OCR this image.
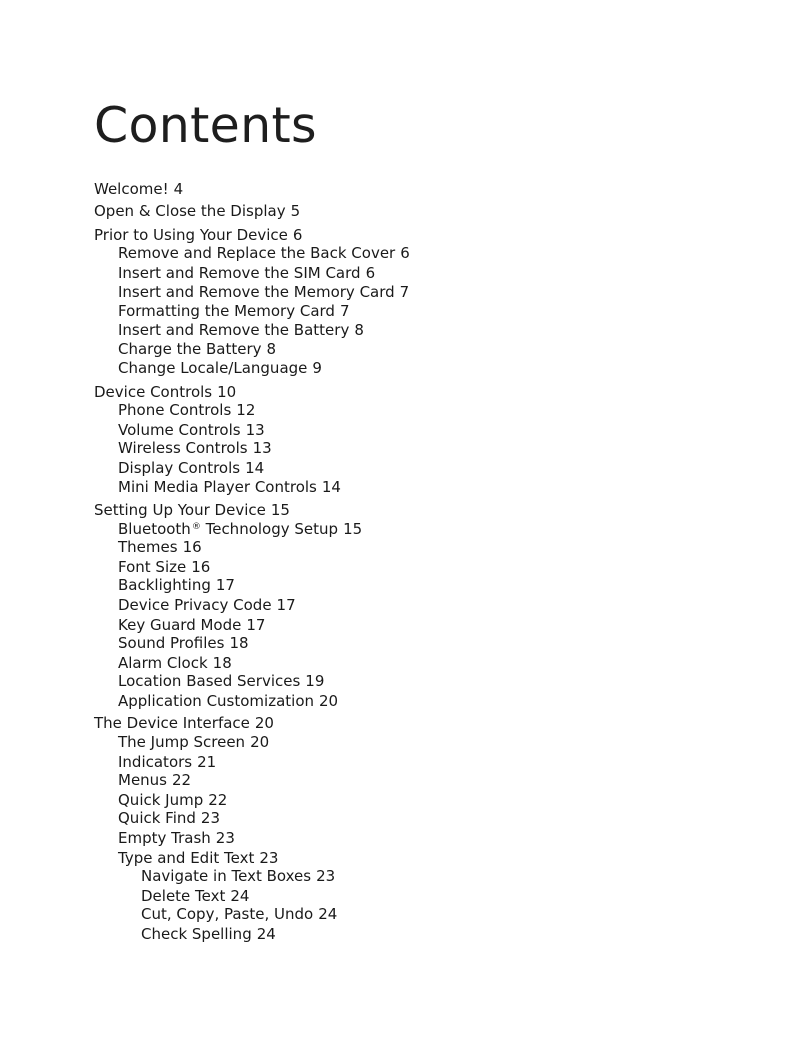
Contents
Welcome! 4
Open & Close the Display 5
Prior to Using Your Device 6
Remove and Replace the Back Cover 6
Insert and Remove the SIM Card 6
Insert and Remove the Memory Card 7
Formatting the Memory Card 7
Insert and Remove the Battery 8
Charge the Battery 8
Change Locale/Language 9
Device Controls 10
Phone Controls 12
Volume Controls 13
Wireless Controls 13
Display Controls 14
Mini Media Player Controls 14
Setting Up Your Device 15
Bluetooth® Technology Setup 15
Themes 16
Font Size 16
Backlighting 17
Device Privacy Code 17
Key Guard Mode 17
Sound Profiles 18
Alarm Clock 18
Location Based Services 19
Application Customization 20
The Device Interface 20
The Jump Screen 20
Indicators 21
Menus 22
Quick Jump 22
Quick Find 23
Empty Trash 23
Type and Edit Text 23
Navigate in Text Boxes 23
Delete Text 24
Cut, Copy, Paste, Undo 24
Check Spelling 24
